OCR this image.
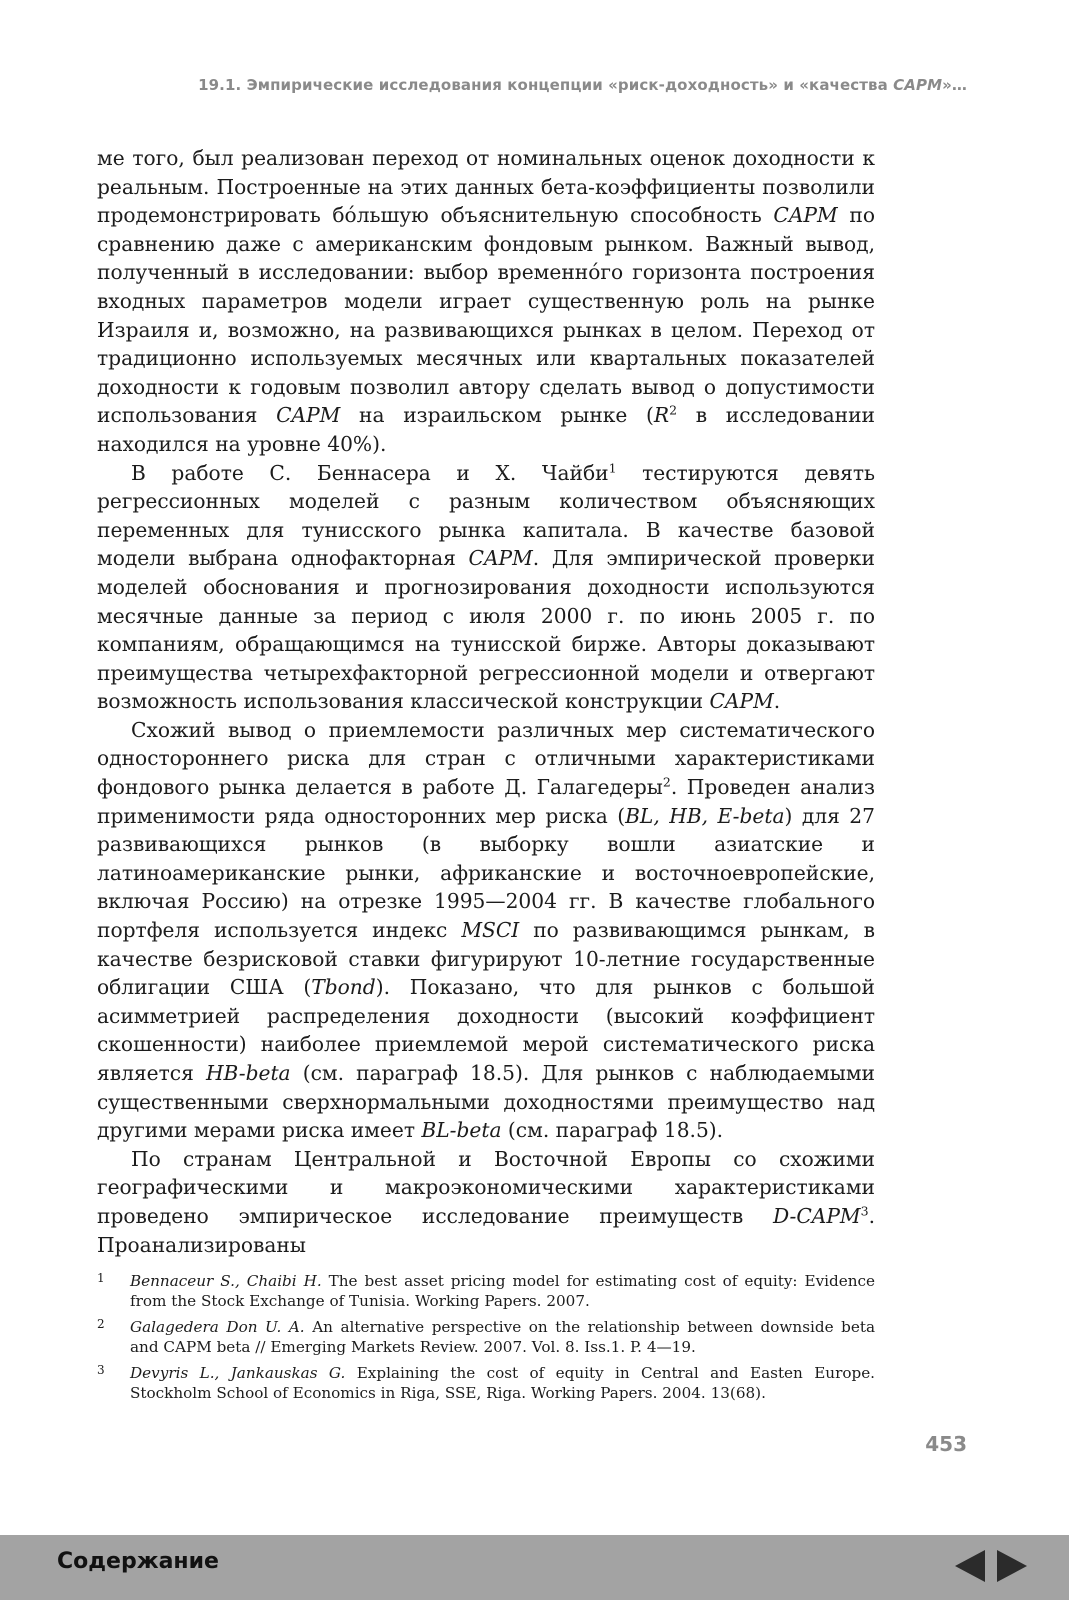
19.1. Эмпирические исследования концепции «риск-доходность» и «качества CAPM»…

ме того, был реализован переход от номинальных оценок доходности к реальным. Построенные на этих данных бета-коэффициенты позволили продемонстрировать бóльшую объяснительную способность CAPM по сравнению даже с американским фондовым рынком. Важный вывод, полученный в исследовании: выбор временнóго горизонта построения входных параметров модели играет существенную роль на рынке Израиля и, возможно, на развивающихся рынках в целом. Переход от традиционно используемых месячных или квартальных показателей доходности к годовым позволил автору сделать вывод о допустимости использования CAPM на израильском рынке ($R^2$ в исследовании находился на уровне 40%).

В работе С. Беннасера и Х. Чайби$^1$ тестируются девять регрессионных моделей с разным количеством объясняющих переменных для тунисского рынка капитала. В качестве базовой модели выбрана однофакторная CAPM. Для эмпирической проверки моделей обоснования и прогнозирования доходности используются месячные данные за период с июля 2000 г. по июнь 2005 г. по компаниям, обращающимся на тунисской бирже. Авторы доказывают преимущества четырехфакторной регрессионной модели и отвергают возможность использования классической конструкции CAPM.

Схожий вывод о приемлемости различных мер систематического одностороннего риска для стран с отличными характеристиками фондового рынка делается в работе Д. Галагедеры$^2$. Проведен анализ применимости ряда односторонних мер риска (BL, HB, E-beta) для 27 развивающихся рынков (в выборку вошли азиатские и латиноамериканские рынки, африканские и восточноевропейские, включая Россию) на отрезке 1995—2004 гг. В качестве глобального портфеля используется индекс MSCI по развивающимся рынкам, в качестве безрисковой ставки фигурируют 10-летние государственные облигации США (Tbond). Показано, что для рынков с большой асимметрией распределения доходности (высокий коэффициент скошенности) наиболее приемлемой мерой систематического риска является HB-beta (см. параграф 18.5). Для рынков с наблюдаемыми существенными сверхнормальными доходностями преимущество над другими мерами риска имеет BL-beta (см. параграф 18.5).

По странам Центральной и Восточной Европы со схожими географическими и макроэкономическими характеристиками проведено эмпирическое исследование преимуществ D-CAPM$^3$. Проанализированы

1 Bennaceur S., Chaibi H. The best asset pricing model for estimating cost of equity: Evidence from the Stock Exchange of Tunisia. Working Papers. 2007.
2 Galagedera Don U. A. An alternative perspective on the relationship between downside beta and CAPM beta // Emerging Markets Review. 2007. Vol. 8. Iss.1. P. 4—19.
3 Devyris L., Jankauskas G. Explaining the cost of equity in Central and Easten Europe. Stockholm School of Economics in Riga, SSE, Riga. Working Papers. 2004. 13(68).
453
Содержание
